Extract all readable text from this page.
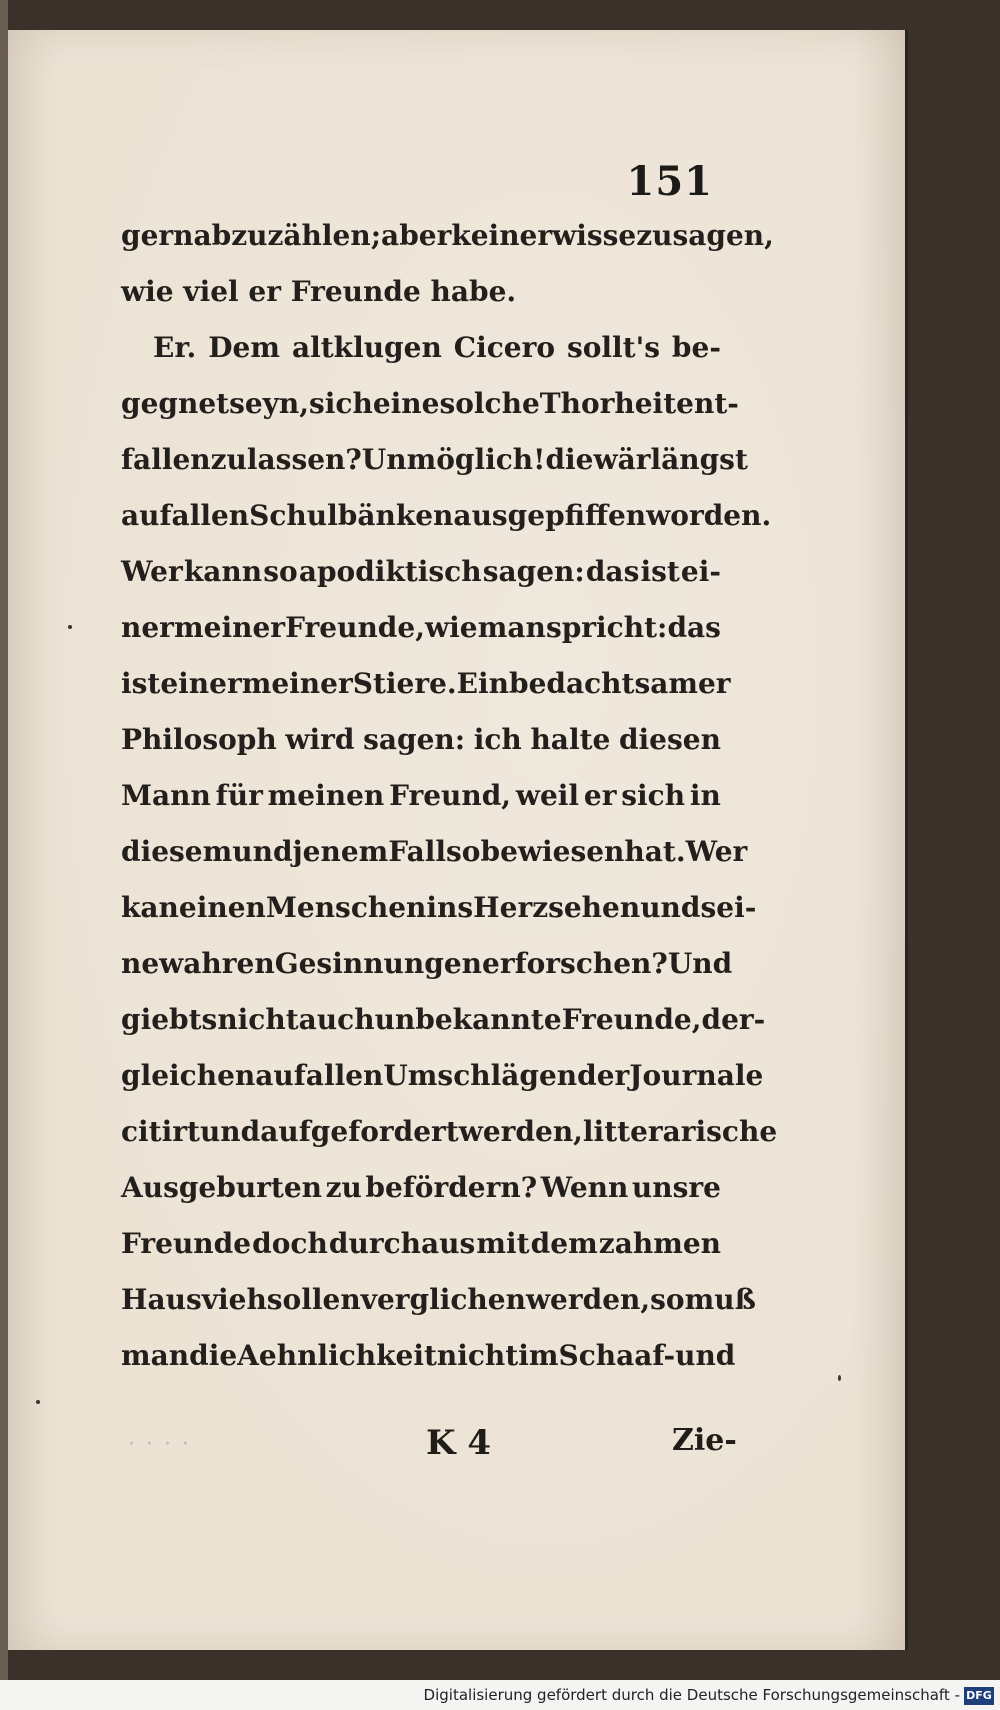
151
gern abzuzählen; aber keiner wisse zu sagen,
wie viel er Freunde habe.
Er. Dem altklugen Cicero sollt's be-
gegnet seyn, sich eine solche Thorheit ent-
fallen zu lassen? Unmöglich! die wär längst
auf allen Schulbänken ausgepfiffen worden.
Wer kann so apodiktisch sagen: das ist ei-
ner meiner Freunde, wie man spricht: das
ist einer meiner Stiere. Ein bedachtsamer
Philosoph wird sagen: ich halte diesen
Mann für meinen Freund, weil er sich in
diesem und jenem Fall so bewiesen hat. Wer
kan einen Menschen ins Herz sehen und sei-
ne wahren Gesinnungen erforschen? Und
giebts nicht auch unbekannte Freunde, der-
gleichen auf allen Umschlägen der Journale
citirt und aufgefordert werden, litterarische
Ausgeburten zu befördern? Wenn unsre
Freunde doch durchaus mit dem zahmen
Hausvieh sollen verglichen werden, so muß
man die Aehnlichkeit nicht im Schaaf- und
· · · ·	K 4	Zie-
Digitalisierung gefördert durch die Deutsche Forschungsgemeinschaft - DFG
